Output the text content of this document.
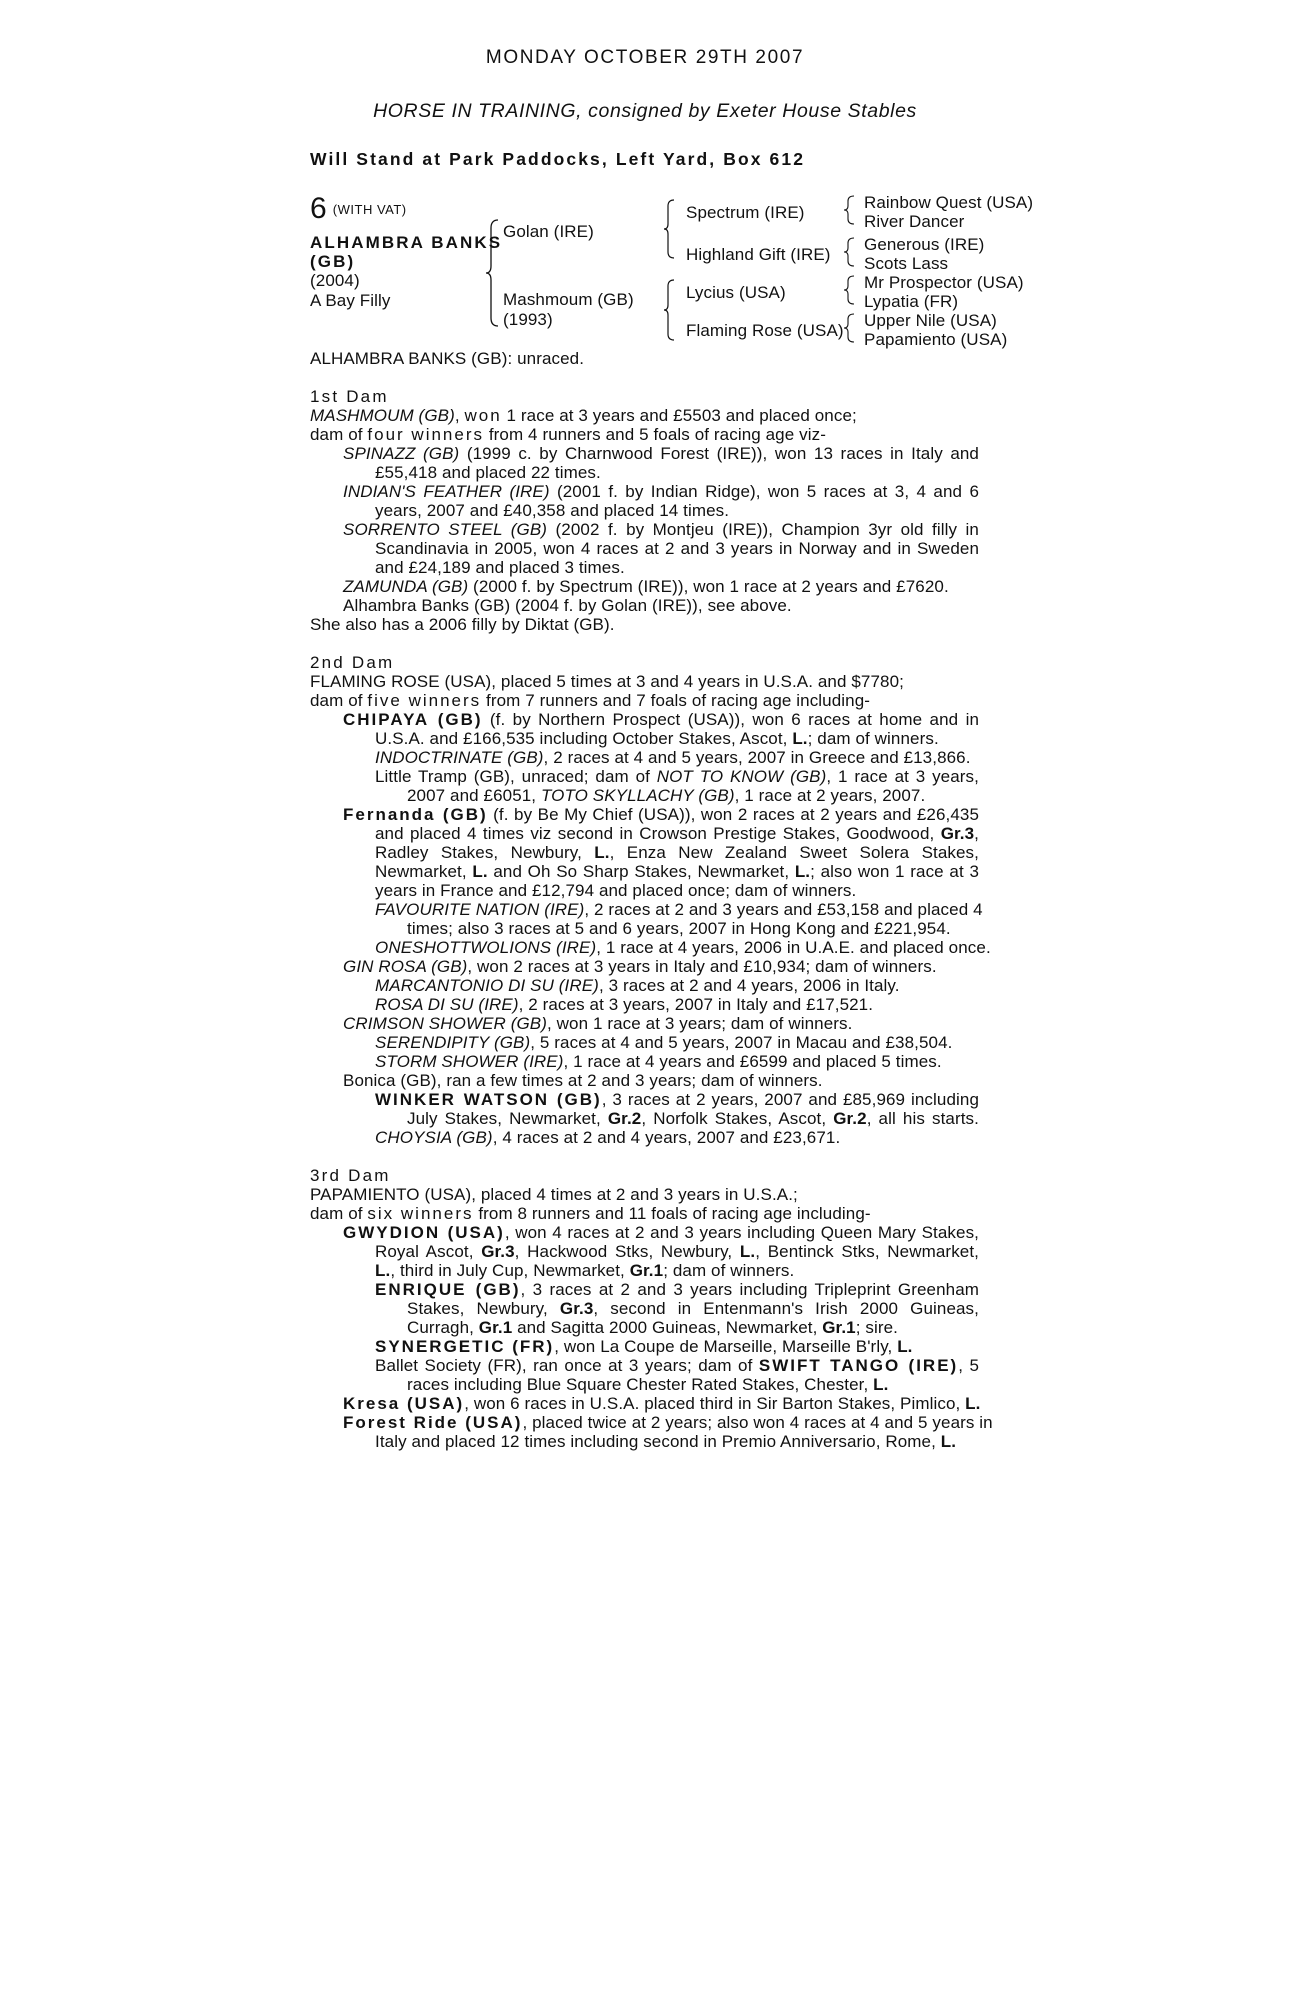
MONDAY OCTOBER 29TH 2007
HORSE IN TRAINING, consigned by Exeter House Stables
Will Stand at Park Paddocks, Left Yard, Box 612
6 $^{(WITH VAT)}$
ALHAMBRA BANKS
(GB)
(2004)
A Bay Filly
Golan (IRE)
Mashmoum (GB)
(1993)
Spectrum (IRE)
Highland Gift (IRE)
Lycius (USA)
Flaming Rose (USA)
Rainbow Quest (USA)
River Dancer
Generous (IRE)
Scots Lass
Mr Prospector (USA)
Lypatia (FR)
Upper Nile (USA)
Papamiento (USA)
ALHAMBRA BANKS (GB): unraced.
1st Dam
MASHMOUM (GB), won 1 race at 3 years and £5503 and placed once;
dam of four winners from 4 runners and 5 foals of racing age viz-
SPINAZZ (GB) (1999 c. by Charnwood Forest (IRE)), won 13 races in Italy and
£55,418 and placed 22 times.
INDIAN'S FEATHER (IRE) (2001 f. by Indian Ridge), won 5 races at 3, 4 and 6
years, 2007 and £40,358 and placed 14 times.
SORRENTO STEEL (GB) (2002 f. by Montjeu (IRE)), Champion 3yr old filly in
Scandinavia in 2005, won 4 races at 2 and 3 years in Norway and in Sweden
and £24,189 and placed 3 times.
ZAMUNDA (GB) (2000 f. by Spectrum (IRE)), won 1 race at 2 years and £7620.
Alhambra Banks (GB) (2004 f. by Golan (IRE)), see above.
She also has a 2006 filly by Diktat (GB).
2nd Dam
FLAMING ROSE (USA), placed 5 times at 3 and 4 years in U.S.A. and $7780;
dam of five winners from 7 runners and 7 foals of racing age including-
CHIPAYA (GB) (f. by Northern Prospect (USA)), won 6 races at home and in
U.S.A. and £166,535 including October Stakes, Ascot, L.; dam of winners.
INDOCTRINATE (GB), 2 races at 4 and 5 years, 2007 in Greece and £13,866.
Little Tramp (GB), unraced; dam of NOT TO KNOW (GB), 1 race at 3 years,
2007 and £6051, TOTO SKYLLACHY (GB), 1 race at 2 years, 2007.
Fernanda (GB) (f. by Be My Chief (USA)), won 2 races at 2 years and £26,435
and placed 4 times viz second in Crowson Prestige Stakes, Goodwood, Gr.3,
Radley Stakes, Newbury, L., Enza New Zealand Sweet Solera Stakes,
Newmarket, L. and Oh So Sharp Stakes, Newmarket, L.; also won 1 race at 3
years in France and £12,794 and placed once; dam of winners.
FAVOURITE NATION (IRE), 2 races at 2 and 3 years and £53,158 and placed 4
times; also 3 races at 5 and 6 years, 2007 in Hong Kong and £221,954.
ONESHOTTWOLIONS (IRE), 1 race at 4 years, 2006 in U.A.E. and placed once.
GIN ROSA (GB), won 2 races at 3 years in Italy and £10,934; dam of winners.
MARCANTONIO DI SU (IRE), 3 races at 2 and 4 years, 2006 in Italy.
ROSA DI SU (IRE), 2 races at 3 years, 2007 in Italy and £17,521.
CRIMSON SHOWER (GB), won 1 race at 3 years; dam of winners.
SERENDIPITY (GB), 5 races at 4 and 5 years, 2007 in Macau and £38,504.
STORM SHOWER (IRE), 1 race at 4 years and £6599 and placed 5 times.
Bonica (GB), ran a few times at 2 and 3 years; dam of winners.
WINKER WATSON (GB), 3 races at 2 years, 2007 and £85,969 including
July Stakes, Newmarket, Gr.2, Norfolk Stakes, Ascot, Gr.2, all his starts.
CHOYSIA (GB), 4 races at 2 and 4 years, 2007 and £23,671.
3rd Dam
PAPAMIENTO (USA), placed 4 times at 2 and 3 years in U.S.A.;
dam of six winners from 8 runners and 11 foals of racing age including-
GWYDION (USA), won 4 races at 2 and 3 years including Queen Mary Stakes,
Royal Ascot, Gr.3, Hackwood Stks, Newbury, L., Bentinck Stks, Newmarket,
L., third in July Cup, Newmarket, Gr.1; dam of winners.
ENRIQUE (GB), 3 races at 2 and 3 years including Tripleprint Greenham
Stakes, Newbury, Gr.3, second in Entenmann's Irish 2000 Guineas,
Curragh, Gr.1 and Sagitta 2000 Guineas, Newmarket, Gr.1; sire.
SYNERGETIC (FR), won La Coupe de Marseille, Marseille B'rly, L.
Ballet Society (FR), ran once at 3 years; dam of SWIFT TANGO (IRE), 5
races including Blue Square Chester Rated Stakes, Chester, L.
Kresa (USA), won 6 races in U.S.A. placed third in Sir Barton Stakes, Pimlico, L.
Forest Ride (USA), placed twice at 2 years; also won 4 races at 4 and 5 years in
Italy and placed 12 times including second in Premio Anniversario, Rome, L.
